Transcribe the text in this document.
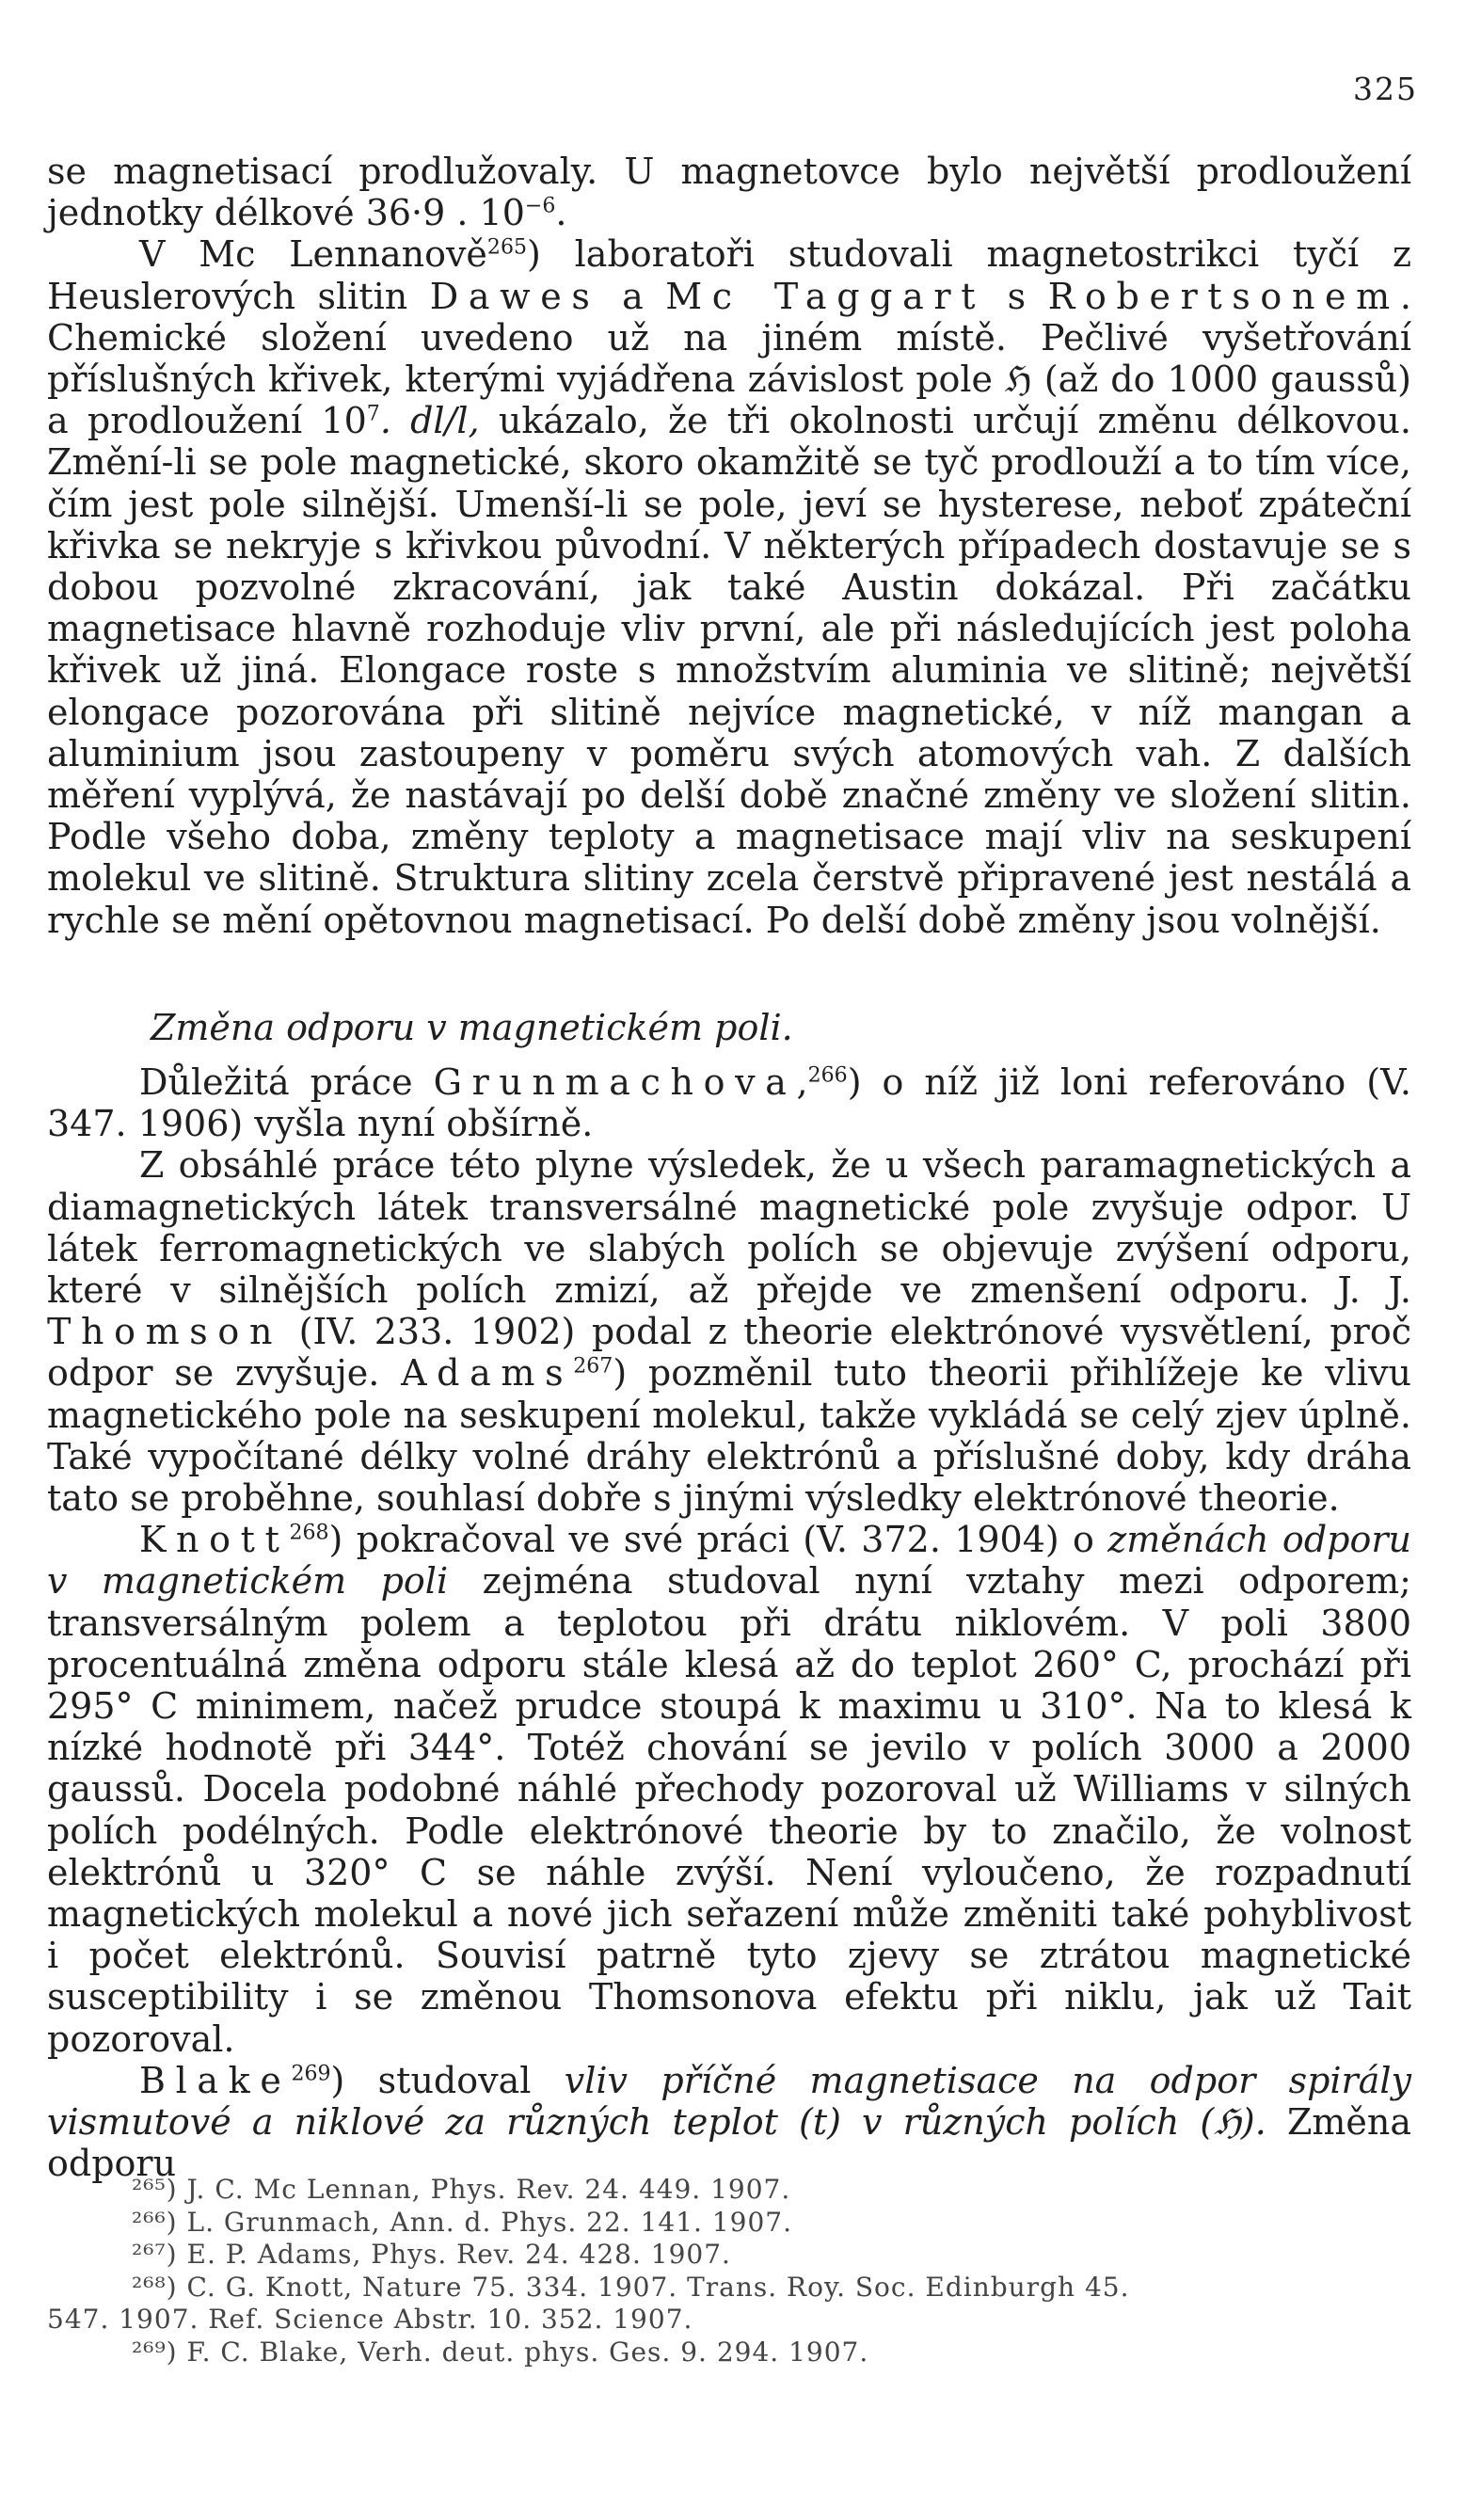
325

se magnetisací prodlužovaly. U magnetovce bylo největší prodloužení jednotky délkové 36·9 . $10^{-6}$.

V Mc Lennanově$^{265}$) laboratoři studovali magnetostrikci tyčí z Heuslerových slitin Dawes a Mc Taggart s Robertsonem. Chemické složení uvedeno už na jiném místě. Pečlivé vyšetřování příslušných křivek, kterými vyjádřena závislost pole ℌ (až do 1000 gaussů) a prodloužení $10^7$. dl/l, ukázalo, že tři okolnosti určují změnu délkovou. Změní-li se pole magnetické, skoro okamžitě se tyč prodlouží a to tím více, čím jest pole silnější. Umenší-li se pole, jeví se hysterese, neboť zpáteční křivka se nekryje s křivkou původní. V některých případech dostavuje se s dobou pozvolné zkracování, jak také Austin dokázal. Při začátku magnetisace hlavně rozhoduje vliv první, ale při následujících jest poloha křivek už jiná. Elongace roste s množstvím aluminia ve slitině; největší elongace pozorována při slitině nejvíce magnetické, v níž mangan a aluminium jsou zastoupeny v poměru svých atomových vah. Z dalších měření vyplývá, že nastávají po delší době značné změny ve složení slitin. Podle všeho doba, změny teploty a magnetisace mají vliv na seskupení molekul ve slitině. Struktura slitiny zcela čerstvě připravené jest nestálá a rychle se mění opětovnou magnetisací. Po delší době změny jsou volnější.

Změna odporu v magnetickém poli.

Důležitá práce Grunmachova,$^{266}$) o níž již loni referováno (V. 347. 1906) vyšla nyní obšírně.

Z obsáhlé práce této plyne výsledek, že u všech paramagnetických a diamagnetických látek transversálné magnetické pole zvyšuje odpor. U látek ferromagnetických ve slabých polích se objevuje zvýšení odporu, které v silnějších polích zmizí, až přejde ve zmenšení odporu. J. J. Thomson (IV. 233. 1902) podal z theorie elektrónové vysvětlení, proč odpor se zvyšuje. Adams$^{267}$) pozměnil tuto theorii přihlížeje ke vlivu magnetického pole na seskupení molekul, takže vykládá se celý zjev úplně. Také vypočítané délky volné dráhy elektrónů a příslušné doby, kdy dráha tato se proběhne, souhlasí dobře s jinými výsledky elektrónové theorie.

Knott$^{268}$) pokračoval ve své práci (V. 372. 1904) o změnách odporu v magnetickém poli zejména studoval nyní vztahy mezi odporem; transversálným polem a teplotou při drátu niklovém. V poli 3800 procentuálná změna odporu stále klesá až do teplot 260° C, prochází při 295° C minimem, načež prudce stoupá k maximu u 310°. Na to klesá k nízké hodnotě při 344°. Totéž chování se jevilo v polích 3000 a 2000 gaussů. Docela podobné náhlé přechody pozoroval už Williams v silných polích podélných. Podle elektrónové theorie by to značilo, že volnost elektrónů u 320° C se náhle zvýší. Není vyloučeno, že rozpadnutí magnetických molekul a nové jich seřazení může změniti také pohyblivost i počet elektrónů. Souvisí patrně tyto zjevy se ztrátou magnetické susceptibility i se změnou Thomsonova efektu při niklu, jak už Tait pozoroval.

Blake$^{269}$) studoval vliv příčné magnetisace na odpor spirály vismutové a niklové za různých teplot (t) v různých polích (ℌ). Změna odporu

²⁶⁵) J. C. Mc Lennan, Phys. Rev. 24. 449. 1907.

²⁶⁶) L. Grunmach, Ann. d. Phys. 22. 141. 1907.

²⁶⁷) E. P. Adams, Phys. Rev. 24. 428. 1907.

²⁶⁸) C. G. Knott, Nature 75. 334. 1907. Trans. Roy. Soc. Edinburgh 45.

547. 1907. Ref. Science Abstr. 10. 352. 1907.

²⁶⁹) F. C. Blake, Verh. deut. phys. Ges. 9. 294. 1907.
